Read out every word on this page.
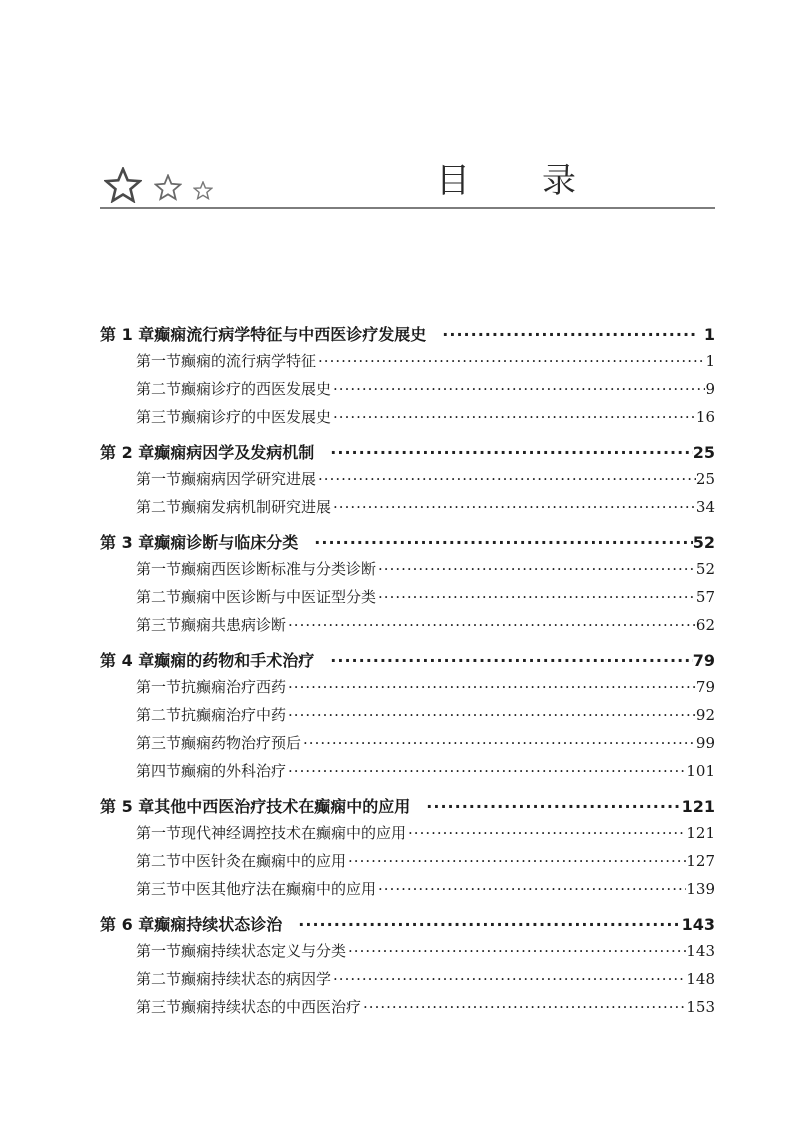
目 录
第 1 章 癫痫流行病学特征与中西医诊疗发展史 ·····	1
第一节 癫痫的流行病学特征 ·····	1
第二节 癫痫诊疗的西医发展史 ·····	9
第三节 癫痫诊疗的中医发展史 ·····	16
第 2 章 癫痫病因学及发病机制 ·····	25
第一节 癫痫病因学研究进展 ·····	25
第二节 癫痫发病机制研究进展 ·····	34
第 3 章 癫痫诊断与临床分类 ·····	52
第一节 癫痫西医诊断标准与分类诊断 ·····	52
第二节 癫痫中医诊断与中医证型分类 ·····	57
第三节 癫痫共患病诊断 ·····	62
第 4 章 癫痫的药物和手术治疗 ·····	79
第一节 抗癫痫治疗西药 ·····	79
第二节 抗癫痫治疗中药 ·····	92
第三节 癫痫药物治疗预后 ·····	99
第四节 癫痫的外科治疗 ·····	101
第 5 章 其他中西医治疗技术在癫痫中的应用 ·····	121
第一节 现代神经调控技术在癫痫中的应用 ·····	121
第二节 中医针灸在癫痫中的应用 ·····	127
第三节 中医其他疗法在癫痫中的应用 ·····	139
第 6 章 癫痫持续状态诊治 ·····	143
第一节 癫痫持续状态定义与分类 ·····	143
第二节 癫痫持续状态的病因学 ·····	148
第三节 癫痫持续状态的中西医治疗 ·····	153
